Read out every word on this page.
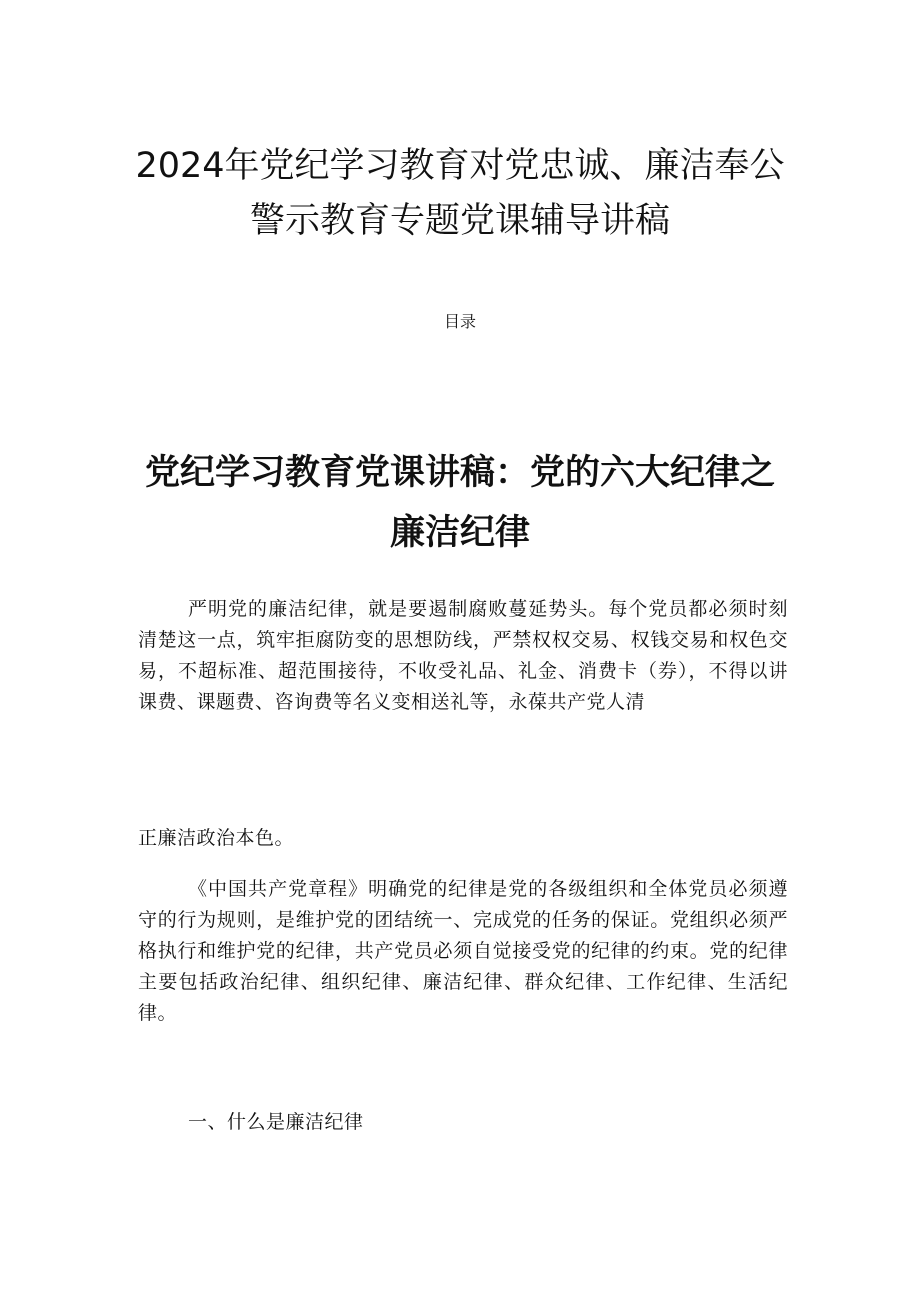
2024年党纪学习教育对党忠诚、廉洁奉公
警示教育专题党课辅导讲稿
目录
党纪学习教育党课讲稿：党的六大纪律之
廉洁纪律

严明党的廉洁纪律，就是要遏制腐败蔓延势头。每个党员都必须时刻清楚这一点，筑牢拒腐防变的思想防线，严禁权权交易、权钱交易和权色交易，不超标准、超范围接待，不收受礼品、礼金、消费卡（券），不得以讲课费、课题费、咨询费等名义变相送礼等，永葆共产党人清

正廉洁政治本色。

《中国共产党章程》明确党的纪律是党的各级组织和全体党员必须遵守的行为规则，是维护党的团结统一、完成党的任务的保证。党组织必须严格执行和维护党的纪律，共产党员必须自觉接受党的纪律的约束。党的纪律主要包括政治纪律、组织纪律、廉洁纪律、群众纪律、工作纪律、生活纪律。

一、什么是廉洁纪律
